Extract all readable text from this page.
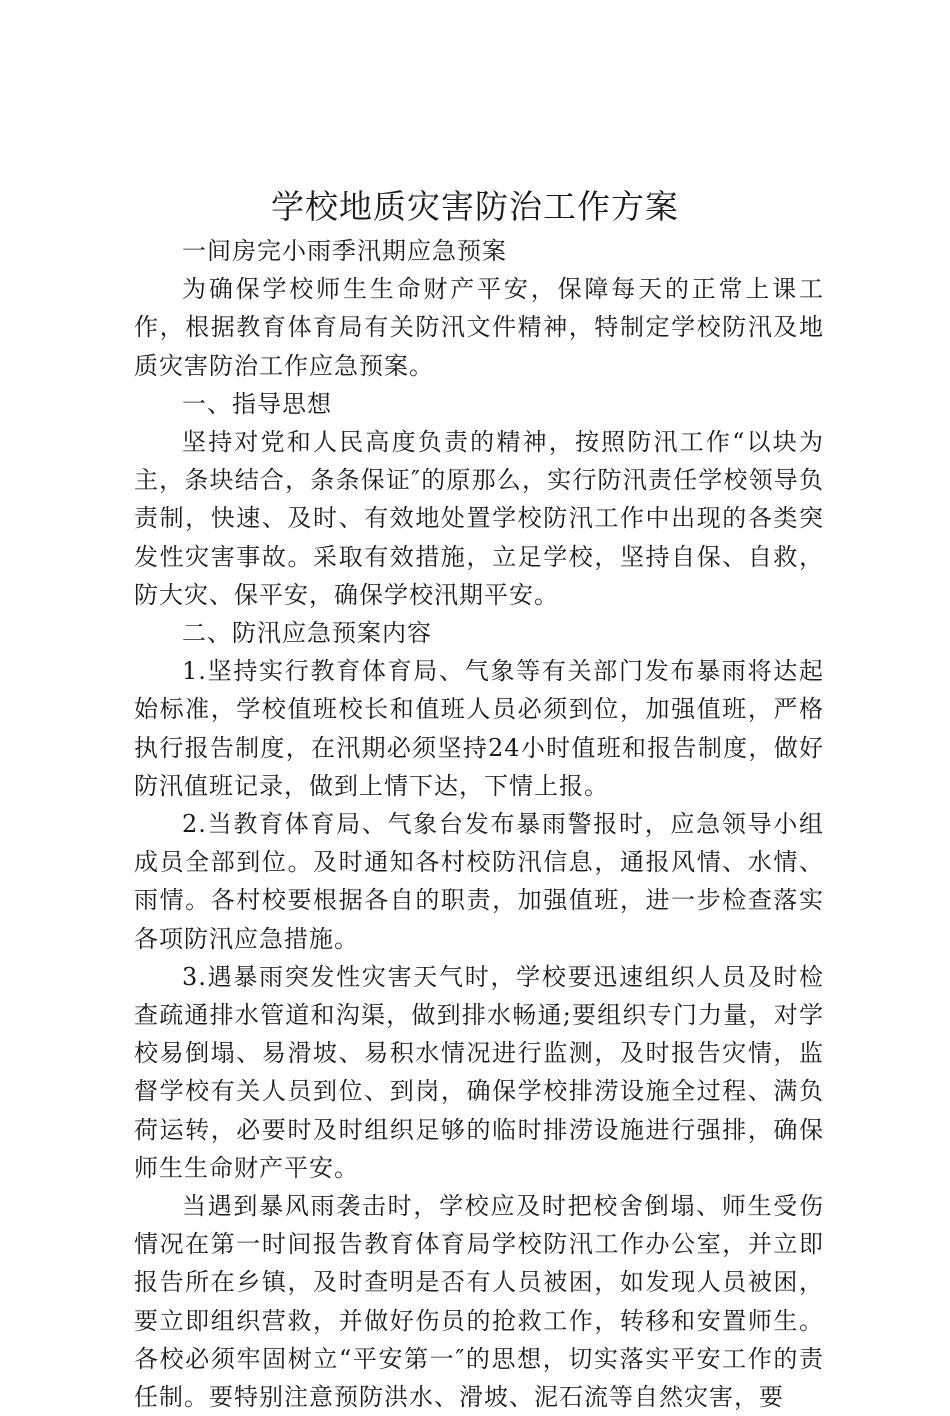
学校地质灾害防治工作方案

一间房完小雨季汛期应急预案

为确保学校师生生命财产平安，保障每天的正常上课工作，根据教育体育局有关防汛文件精神，特制定学校防汛及地质灾害防治工作应急预案。

一、指导思想

坚持对党和人民高度负责的精神，按照防汛工作“以块为主，条块结合，条条保证″的原那么，实行防汛责任学校领导负责制，快速、及时、有效地处置学校防汛工作中出现的各类突发性灾害事故。采取有效措施，立足学校，坚持自保、自救，防大灾、保平安，确保学校汛期平安。

二、防汛应急预案内容

1.坚持实行教育体育局、气象等有关部门发布暴雨将达起始标准，学校值班校长和值班人员必须到位，加强值班，严格执行报告制度，在汛期必须坚持24小时值班和报告制度，做好防汛值班记录，做到上情下达，下情上报。

2.当教育体育局、气象台发布暴雨警报时，应急领导小组成员全部到位。及时通知各村校防汛信息，通报风情、水情、雨情。各村校要根据各自的职责，加强值班，进一步检查落实各项防汛应急措施。

3.遇暴雨突发性灾害天气时，学校要迅速组织人员及时检查疏通排水管道和沟渠，做到排水畅通;要组织专门力量，对学校易倒塌、易滑坡、易积水情况进行监测，及时报告灾情，监督学校有关人员到位、到岗，确保学校排涝设施全过程、满负荷运转，必要时及时组织足够的临时排涝设施进行强排，确保师生生命财产平安。

当遇到暴风雨袭击时，学校应及时把校舍倒塌、师生受伤情况在第一时间报告教育体育局学校防汛工作办公室，并立即报告所在乡镇，及时查明是否有人员被困，如发现人员被困，要立即组织营救，并做好伤员的抢救工作，转移和安置师生。各校必须牢固树立“平安第一″的思想，切实落实平安工作的责任制。要特别注意预防洪水、滑坡、泥石流等自然灾害，要
